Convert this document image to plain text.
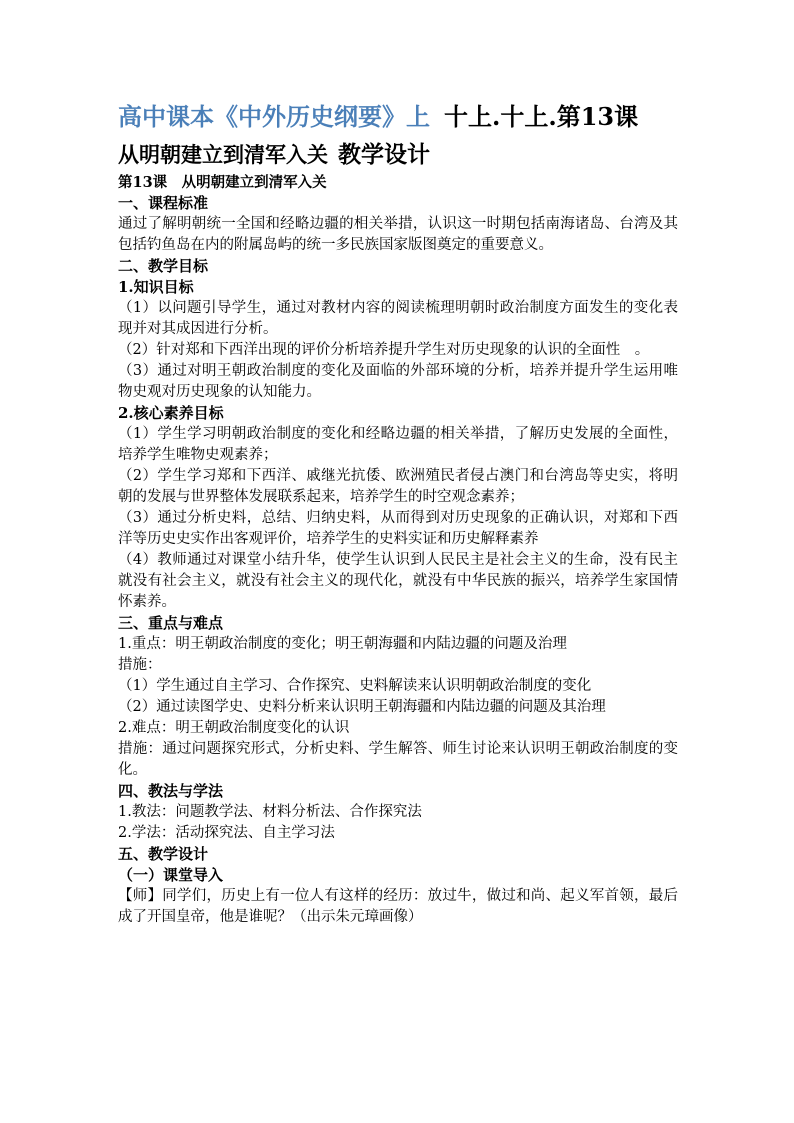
高中课本《中外历史纲要》上 十上.十上.第13课
从明朝建立到清军入关 教学设计
第13课　从明朝建立到清军入关
一、课程标准
通过了解明朝统一全国和经略边疆的相关举措，认识这一时期包括南海诸岛、台湾及其包括钓鱼岛在内的附属岛屿的统一多民族国家版图奠定的重要意义。
二、教学目标
1.知识目标
（1）以问题引导学生，通过对教材内容的阅读梳理明朝时政治制度方面发生的变化表现并对其成因进行分析。
（2）针对郑和下西洋出现的评价分析培养提升学生对历史现象的认识的全面性　。
（3）通过对明王朝政治制度的变化及面临的外部环境的分析，培养并提升学生运用唯物史观对历史现象的认知能力。
2.核心素养目标
（1）学生学习明朝政治制度的变化和经略边疆的相关举措，了解历史发展的全面性，培养学生唯物史观素养；
（2）学生学习郑和下西洋、戚继光抗倭、欧洲殖民者侵占澳门和台湾岛等史实，将明朝的发展与世界整体发展联系起来，培养学生的时空观念素养；
（3）通过分析史料，总结、归纳史料，从而得到对历史现象的正确认识，对郑和下西洋等历史史实作出客观评价，培养学生的史料实证和历史解释素养
（4）教师通过对课堂小结升华，使学生认识到人民民主是社会主义的生命，没有民主就没有社会主义，就没有社会主义的现代化，就没有中华民族的振兴，培养学生家国情怀素养。
三、重点与难点
1.重点：明王朝政治制度的变化；明王朝海疆和内陆边疆的问题及治理
措施：
（1）学生通过自主学习、合作探究、史料解读来认识明朝政治制度的变化
（2）通过读图学史、史料分析来认识明王朝海疆和内陆边疆的问题及其治理
2.难点：明王朝政治制度变化的认识
措施：通过问题探究形式，分析史料、学生解答、师生讨论来认识明王朝政治制度的变化。
四、教法与学法
1.教法：问题教学法、材料分析法、合作探究法
2.学法：活动探究法、自主学习法
五、教学设计
（一）课堂导入
【师】同学们，历史上有一位人有这样的经历：放过牛，做过和尚、起义军首领，最后成了开国皇帝，他是谁呢？（出示朱元璋画像）
